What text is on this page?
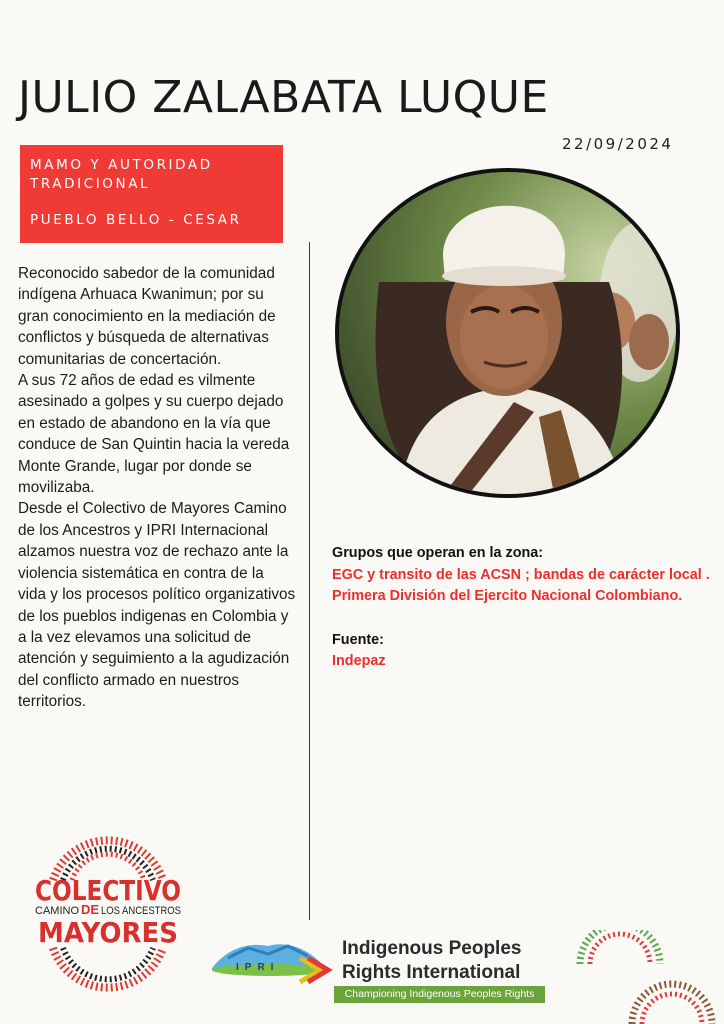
JULIO ZALABATA LUQUE
22/09/2024
MAMO Y AUTORIDAD
TRADICIONAL
PUEBLO BELLO - CESAR

Reconocido sabedor de la comunidad indígena Arhuaca Kwanimun; por su gran conocimiento en la mediación de conflictos y búsqueda de alternativas comunitarias de concertación.

A sus 72 años de edad es vilmente asesinado a golpes y su cuerpo dejado en estado de abandono en la vía que conduce de San Quintin hacia la vereda Monte Grande, lugar por donde se movilizaba.

Desde el Colectivo de Mayores Camino de los Ancestros y IPRI Internacional alzamos nuestra voz de rechazo ante la violencia sistemática en contra de la vida y los procesos político organizativos de los pueblos indigenas en Colombia y a la vez elevamos una solicitud de atención y seguimiento a la agudización del conflicto armado en nuestros territorios.

Grupos que operan en la zona:
EGC y transito de las ACSN ; bandas de carácter local .
Primera División del Ejercito Nacional Colombiano.
Fuente:
Indepaz
COLECTIVO
CAMINO DE LOS ANCESTROS
MAYORES
IPRI
Indigenous Peoples
Rights International
Championing Indigenous Peoples Rights
